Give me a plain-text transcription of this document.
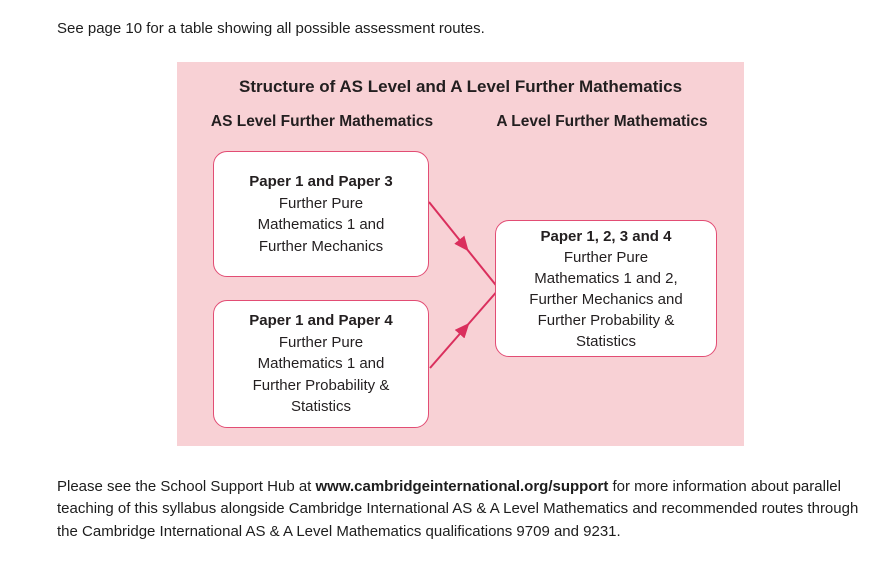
See page 10 for a table showing all possible assessment routes.
Structure of AS Level and A Level Further Mathematics
AS Level Further Mathematics	A Level Further Mathematics
Paper 1 and Paper 3
Further Pure
Mathematics 1 and
Further Mechanics
Paper 1 and Paper 4
Further Pure
Mathematics 1 and
Further Probability &
Statistics
Paper 1, 2, 3 and 4
Further Pure
Mathematics 1 and 2,
Further Mechanics and
Further Probability &
Statistics
Please see the School Support Hub at www.cambridgeinternational.org/support for more information about parallel teaching of this syllabus alongside Cambridge International AS & A Level Mathematics and recommended routes through the Cambridge International AS & A Level Mathematics qualifications 9709 and 9231.
